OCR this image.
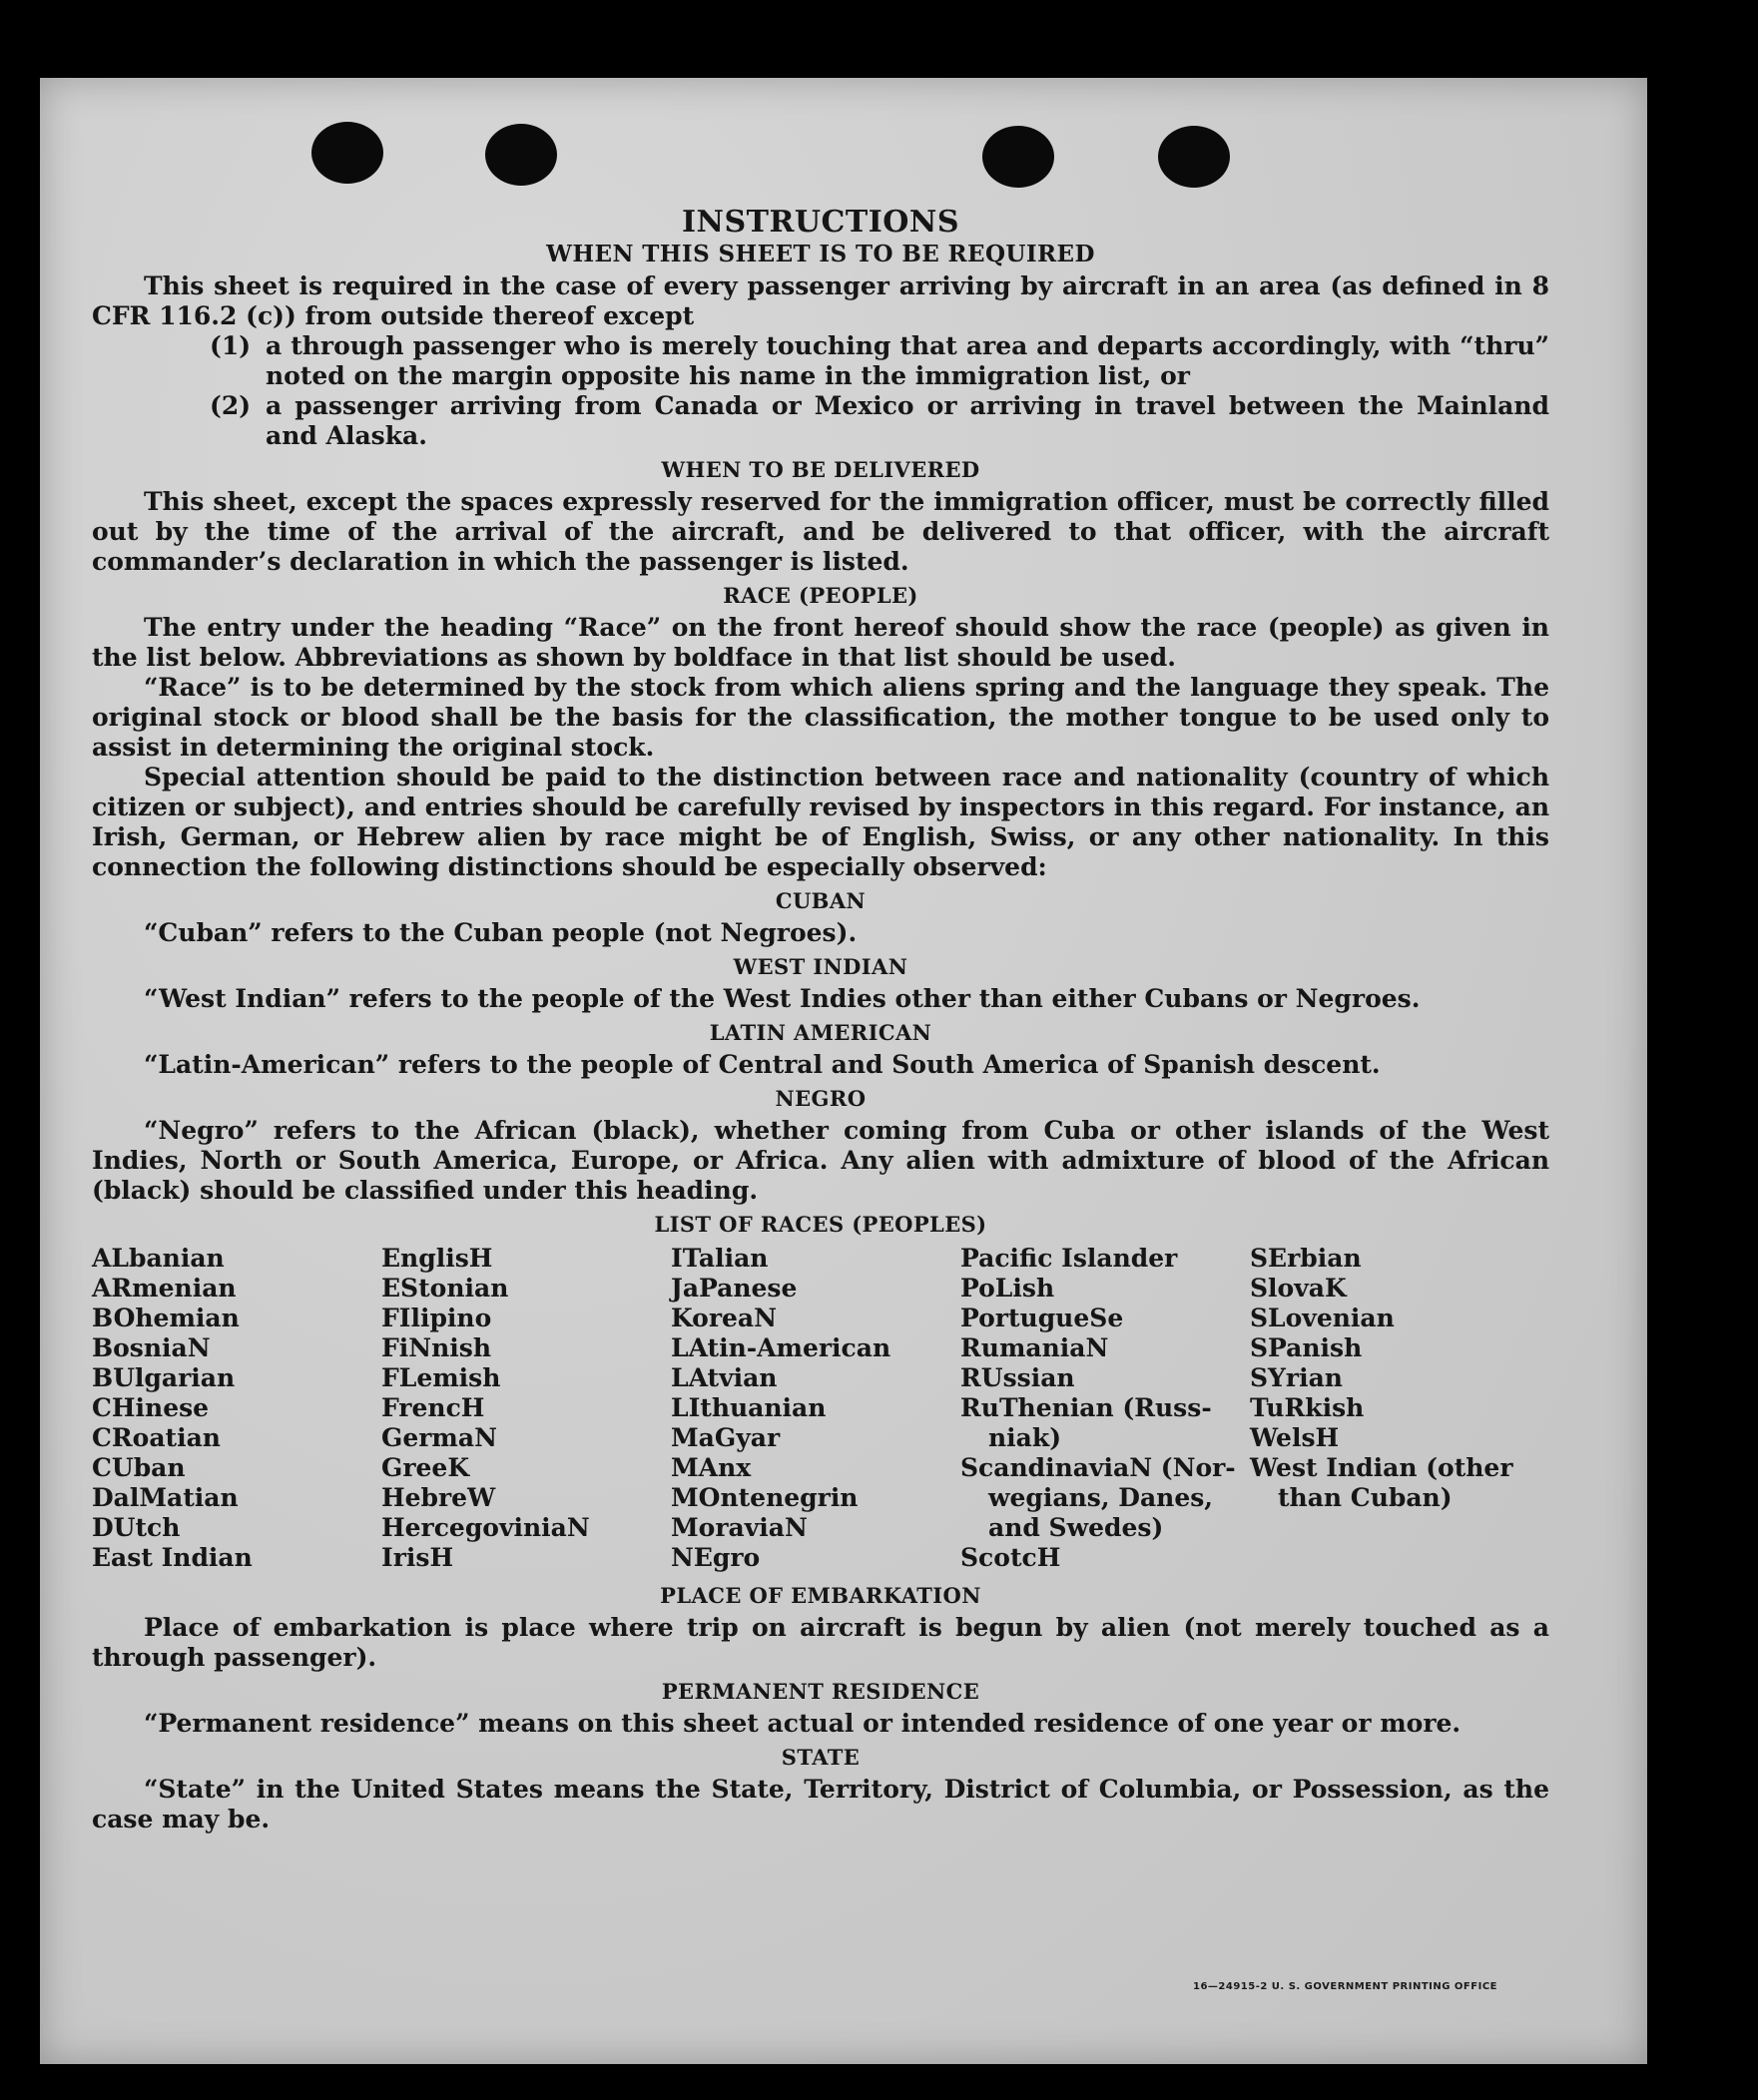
INSTRUCTIONS
WHEN THIS SHEET IS TO BE REQUIRED

This sheet is required in the case of every passenger arriving by aircraft in an area (as defined in 8 CFR 116.2 (c)) from outside thereof except

(1) a through passenger who is merely touching that area and departs accordingly, with “thru” noted on the margin opposite his name in the immigration list, or
(2) a passenger arriving from Canada or Mexico or arriving in travel between the Mainland and Alaska.
WHEN TO BE DELIVERED

This sheet, except the spaces expressly reserved for the immigration officer, must be correctly filled out by the time of the arrival of the aircraft, and be delivered to that officer, with the aircraft commander’s declaration in which the passenger is listed.

RACE (PEOPLE)

The entry under the heading “Race” on the front hereof should show the race (people) as given in the list below. Abbreviations as shown by boldface in that list should be used.

“Race” is to be determined by the stock from which aliens spring and the language they speak. The original stock or blood shall be the basis for the classification, the mother tongue to be used only to assist in determining the original stock.

Special attention should be paid to the distinction between race and nationality (country of which citizen or subject), and entries should be carefully revised by inspectors in this regard. For instance, an Irish, German, or Hebrew alien by race might be of English, Swiss, or any other nationality. In this connection the following distinctions should be especially observed:

CUBAN

“Cuban” refers to the Cuban people (not Negroes).

WEST INDIAN

“West Indian” refers to the people of the West Indies other than either Cubans or Negroes.

LATIN AMERICAN

“Latin-American” refers to the people of Central and South America of Spanish descent.

NEGRO

“Negro” refers to the African (black), whether coming from Cuba or other islands of the West Indies, North or South America, Europe, or Africa. Any alien with admixture of blood of the African (black) should be classified under this heading.

LIST OF RACES (PEOPLES)
ALbanian
ARmenian
BOhemian
BosniaN
BUlgarian
CHinese
CRoatian
CUban
DalMatian
DUtch
East Indian
EnglisH
EStonian
FIlipino
FiNnish
FLemish
FrencH
GermaN
GreeK
HebreW
HercegoviniaN
IrisH
ITalian
JaPanese
KoreaN
LAtin-American
LAtvian
LIthuanian
MaGyar
MAnx
MOntenegrin
MoraviaN
NEgro
Pacific Islander
PoLish
PortugueSe
RumaniaN
RUssian
RuThenian (Russ-
niak)
ScandinaviaN (Nor-
wegians, Danes,
and Swedes)
ScotcH
SErbian
SlovaK
SLovenian
SPanish
SYrian
TuRkish
WelsH
West Indian (other
than Cuban)
PLACE OF EMBARKATION

Place of embarkation is place where trip on aircraft is begun by alien (not merely touched as a through passenger).

PERMANENT RESIDENCE

“Permanent residence” means on this sheet actual or intended residence of one year or more.

STATE

“State” in the United States means the State, Territory, District of Columbia, or Possession, as the case may be.

16—24915-2 U. S. GOVERNMENT PRINTING OFFICE
